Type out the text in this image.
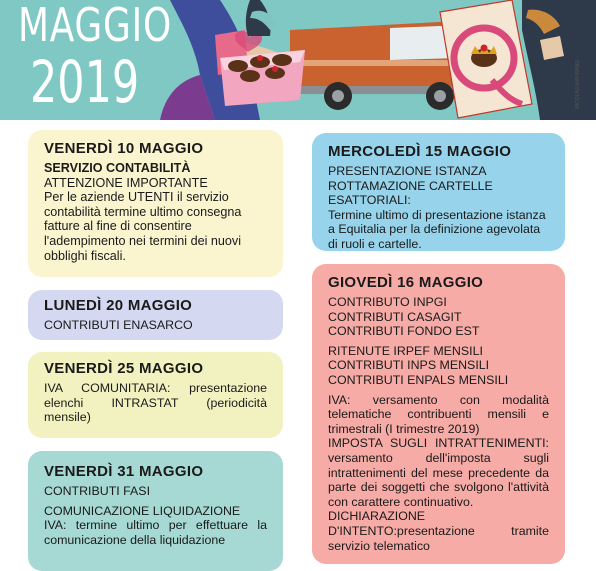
MAGGIO
2019	NICOLAS MAYWAND
VENERDÌ 10 MAGGIO
SERVIZIO CONTABILITÀ

ATTENZIONE IMPORTANTE

Per le aziende UTENTI il servizio contabilità termine ultimo consegna fatture al fine di consentire l'adempimento nei termini dei nuovi obblighi fiscali.

LUNEDÌ 20 MAGGIO

CONTRIBUTI ENASARCO

VENERDÌ 25 MAGGIO

IVA COMUNITARIA: presentazione elenchi INTRASTAT (periodicità mensile)

VENERDÌ 31 MAGGIO

CONTRIBUTI FASI

COMUNICAZIONE LIQUIDAZIONE

IVA: termine ultimo per effettuare la comunicazione della liquidazione

MERCOLEDÌ 15 MAGGIO

PRESENTAZIONE ISTANZA ROTTAMAZIONE CARTELLE ESATTORIALI:

Termine ultimo di presentazione istanza a Equitalia per la definizione agevolata di ruoli e cartelle.

GIOVEDÌ 16 MAGGIO

CONTRIBUTO INPGI

CONTRIBUTI CASAGIT

CONTRIBUTI FONDO EST

RITENUTE IRPEF MENSILI

CONTRIBUTI INPS MENSILI

CONTRIBUTI ENPALS MENSILI

IVA: versamento con modalità telematiche contribuenti mensili e trimestrali (I trimestre 2019)

IMPOSTA SUGLI INTRATTENIMENTI: versamento dell'imposta sugli intrattenimenti del mese precedente da parte dei soggetti che svolgono l'attività con carattere continuativo.

DICHIARAZIONE D'INTENTO:presentazione tramite servizio telematico
